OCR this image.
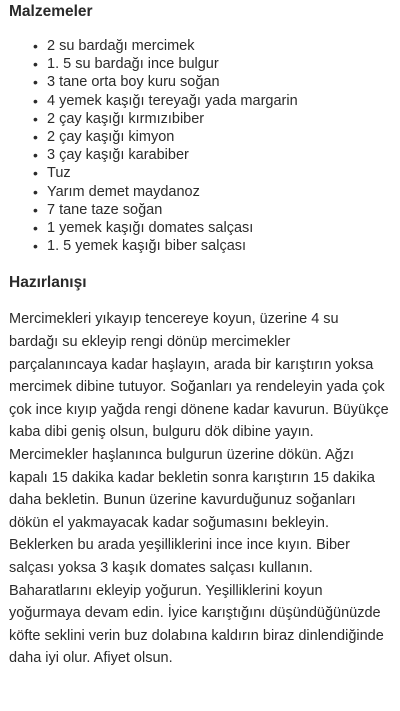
Malzemeler
• 2 su bardağı mercimek
• 1. 5 su bardağı ince bulgur
• 3 tane orta boy kuru soğan
• 4 yemek kaşığı tereyağı yada margarin
• 2 çay kaşığı kırmızıbiber
• 2 çay kaşığı kimyon
• 3 çay kaşığı karabiber
• Tuz
• Yarım demet maydanoz
• 7 tane taze soğan
• 1 yemek kaşığı domates salçası
• 1. 5 yemek kaşığı biber salçası
Hazırlanışı

Mercimekleri yıkayıp tencereye koyun, üzerine 4 su bardağı su ekleyip rengi dönüp mercimekler parçalanıncaya kadar haşlayın, arada bir karıştırın yoksa mercimek dibine tutuyor. Soğanları ya rendeleyin yada çok çok ince kıyıp yağda rengi dönene kadar kavurun. Büyükçe kaba dibi geniş olsun, bulguru dök dibine yayın. Mercimekler haşlanınca bulgurun üzerine dökün. Ağzı kapalı 15 dakika kadar bekletin sonra karıştırın 15 dakika daha bekletin. Bunun üzerine kavurduğunuz soğanları dökün el yakmayacak kadar soğumasını bekleyin. Beklerken bu arada yeşilliklerini ince ince kıyın. Biber salçası yoksa 3 kaşık domates salçası kullanın. Baharatlarını ekleyip yoğurun. Yeşilliklerini koyun yoğurmaya devam edin. İyice karıştığını düşündüğünüzde köfte seklini verin buz dolabına kaldırın biraz dinlendiğinde daha iyi olur. Afiyet olsun.
